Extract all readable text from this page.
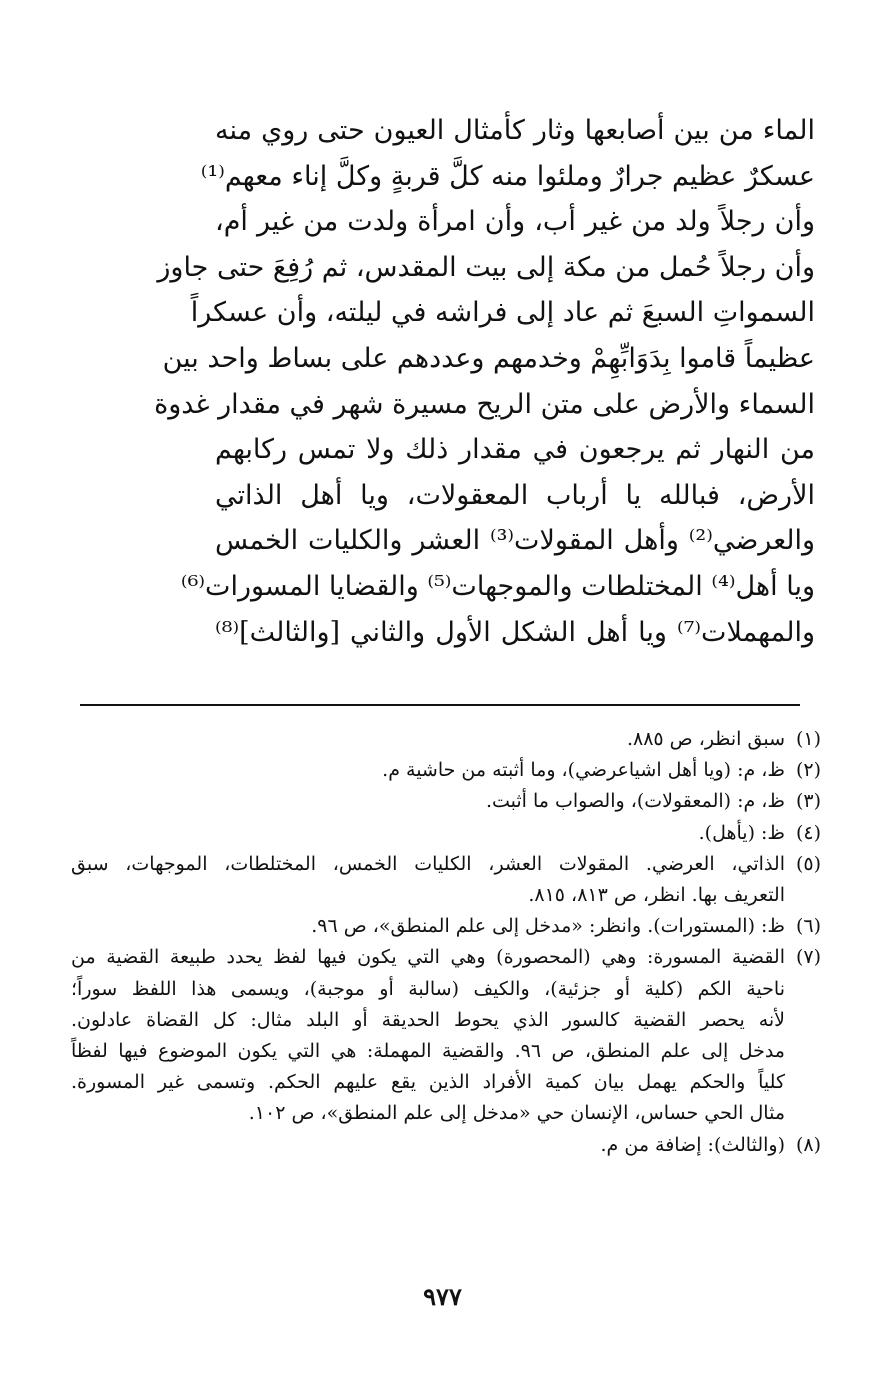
الماء من بين أصابعها وثار كأمثال العيون حتى روي منه
عسكرٌ عظيم جرارٌ وملئوا منه كلَّ قربةٍ وكلَّ إناء معهم⁽¹⁾
وأن رجلاً ولد من غير أب، وأن امرأة ولدت من غير أم،
وأن رجلاً حُمل من مكة إلى بيت المقدس، ثم رُفِعَ حتى جاوز
السمواتِ السبعَ ثم عاد إلى فراشه في ليلته، وأن عسكراً
عظيماً قاموا بِدَوَابِّهِمْ وخدمهم وعددهم على بساط واحد بين
السماء والأرض على متن الريح مسيرة شهر في مقدار غدوة
من النهار ثم يرجعون في مقدار ذلك ولا تمس ركابهم
الأرض، فبالله يا أرباب المعقولات، ويا أهل الذاتي
والعرضي⁽²⁾ وأهل المقولات⁽³⁾ العشر والكليات الخمس
ويا أهل⁽⁴⁾ المختلطات والموجهات⁽⁵⁾ والقضايا المسورات⁽⁶⁾
والمهملات⁽⁷⁾ ويا أهل الشكل الأول والثاني [والثالث]⁽⁸⁾
(١)
سبق انظر، ص ٨٨٥.
(٢)
ظ، م: (ويا أهل اشياعرضي)، وما أثبته من حاشية م.
(٣)
ظ، م: (المعقولات)، والصواب ما أثبت.
(٤)
ظ: (يأهل).
(٥)
الذاتي، العرضي. المقولات العشر، الكليات الخمس، المختلطات، الموجهات، سبق
التعريف بها. انظر، ص ٨١٣، ٨١٥.
(٦)
ظ: (المستورات). وانظر: «مدخل إلى علم المنطق»، ص ٩٦.
(٧)
القضية المسورة: وهي (المحصورة) وهي التي يكون فيها لفظ يحدد طبيعة القضية من
ناحية الكم (كلية أو جزئية)، والكيف (سالبة أو موجبة)، ويسمى هذا اللفظ سوراً؛
لأنه يحصر القضية كالسور الذي يحوط الحديقة أو البلد مثال: كل القضاة عادلون.
مدخل إلى علم المنطق، ص ٩٦. والقضية المهملة: هي التي يكون الموضوع فيها لفظاً
كلياً والحكم يهمل بيان كمية الأفراد الذين يقع عليهم الحكم. وتسمى غير المسورة.
مثال الحي حساس، الإنسان حي «مدخل إلى علم المنطق»، ص ١٠٢.
(٨)
(والثالث): إضافة من م.
٩٧٧
